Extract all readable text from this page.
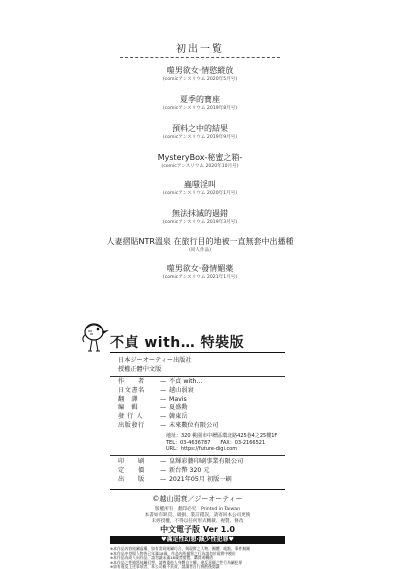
初出一覧
噬男欲女‧情慾縱放
(comicアンスリウム 2020年5月号)
夏季的寶座
(comicアンスリウム 2019年8月号)
預料之中的結果
(comicアンスリウム 2019年9月号)
MysteryBox-秘蜜之箱-
(comicアンスリウム 2020年10月号)
蟲嗤淫叫
(comicアンスリウム 2020年1月号)
無法抹滅的過錯
(comicアンスリウム 2019年3月号)
人妻摺貼NTR溫泉 在旅行目的地被一直無套中出播種
(同人作品)
噬男欲女‧發情媚薬
(comicアンスリウム 2021年1月号)
不貞 with… 特裝版
日本ジーオーティー出版社
授權正體中文版
作　　者	— 不貞 with…
日文書名	— 越山弱衰
翻　譯	— Mavis
編　輯	— 夏盛勳
發 行 人	— 韓東岳
出版發行	— 未來數位有限公司
地址：320 桃園市中壢區環北路425巷4之25樓1F
TEL：03-4636787　　FAX：03-2166521
URL：https://future-digi.com
印　　刷	— 皇輝彩藝印刷事業有限公司
定　　價	— 新台幣 320 元
出　　版	— 2021年05月 初版一刷
©越山弱衰／ジーオーティー
版權所有　翻印必究　Printed in Taiwan
本書如有缺頁、破損、裝訂錯誤，請寄回本公司更換
未經授權，不得以任何形式轉載、複製、修改
中文電子版 Ver 1.0
♥滿足性幻想‧減少性犯罪♥
※本作品內容純屬虛構，如有雷同純屬巧合，與現實之人物、團體、地點、事件無關
※本作品中登場人物皆已年滿18歲，作品內所描寫之行為請勿於現實中模仿
※本作品為成人向作品，請勿讓未滿18歲者閱覽、購買或轉借
※本作品之性描寫純屬幻想，請尊重他人身體自主權，違反意願之性行為屬犯罪
※如有違反上述事項者，本公司概不負責，請讀者自行斟酌後閱讀
